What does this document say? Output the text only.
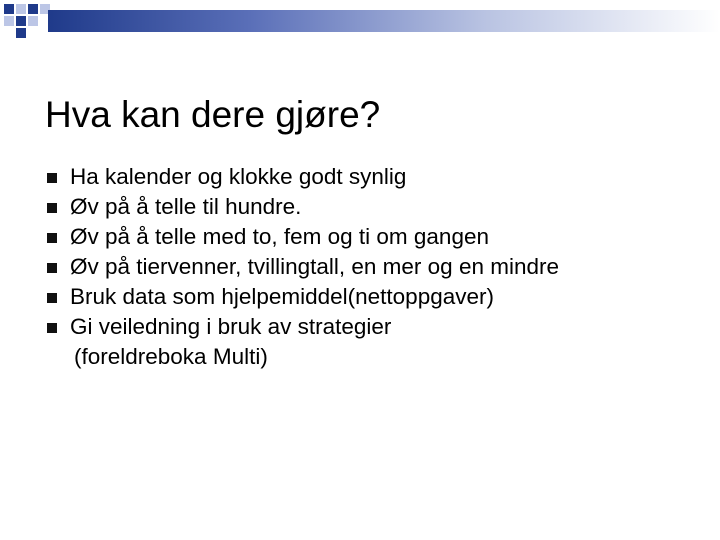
Hva kan dere gjøre?
Ha kalender og klokke godt synlig
Øv på å telle til hundre.
Øv på å telle med to, fem og ti om gangen
Øv på tiervenner, tvillingtall, en mer og en mindre
Bruk data som hjelpemiddel(nettoppgaver)
Gi veiledning i bruk av strategier
(foreldreboka Multi)
